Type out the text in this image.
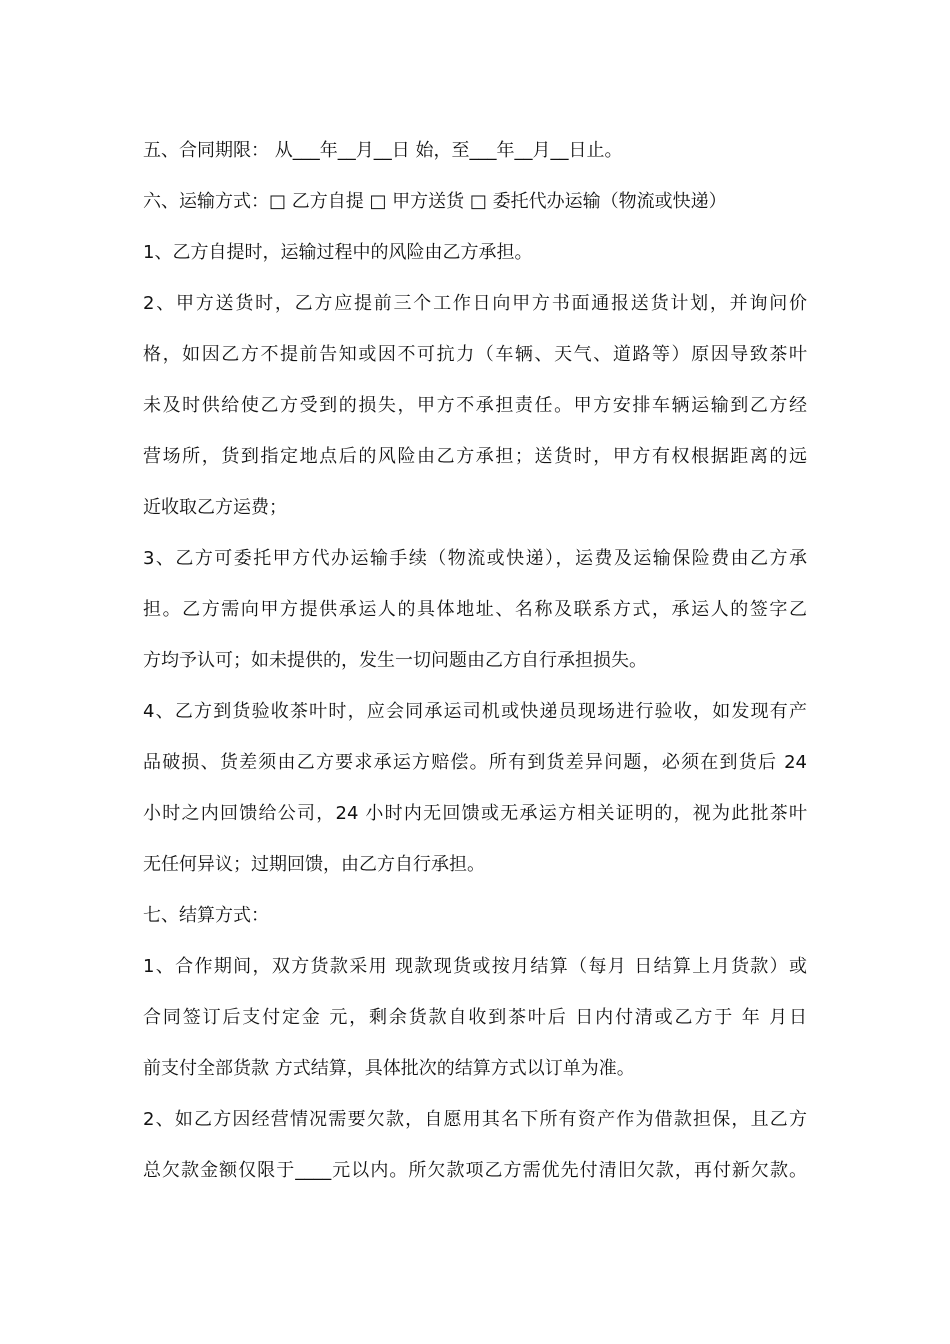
五、合同期限： 从___年__月__日 始，至___年__月__日止。
六、运输方式：□ 乙方自提 □ 甲方送货 □ 委托代办运输（物流或快递）
1、乙方自提时，运输过程中的风险由乙方承担。
2、甲方送货时，乙方应提前三个工作日向甲方书面通报送货计划，并询问价
格，如因乙方不提前告知或因不可抗力（车辆、天气、道路等）原因导致茶叶
未及时供给使乙方受到的损失，甲方不承担责任。甲方安排车辆运输到乙方经
营场所，货到指定地点后的风险由乙方承担；送货时，甲方有权根据距离的远
近收取乙方运费；
3、乙方可委托甲方代办运输手续（物流或快递），运费及运输保险费由乙方承
担。乙方需向甲方提供承运人的具体地址、名称及联系方式，承运人的签字乙
方均予认可；如未提供的，发生一切问题由乙方自行承担损失。
4、乙方到货验收茶叶时，应会同承运司机或快递员现场进行验收，如发现有产
品破损、货差须由乙方要求承运方赔偿。所有到货差异问题，必须在到货后 24
小时之内回馈给公司，24 小时内无回馈或无承运方相关证明的，视为此批茶叶
无任何异议；过期回馈，由乙方自行承担。
七、结算方式：
1、合作期间，双方货款采用 现款现货或按月结算（每月 日结算上月货款）或
合同签订后支付定金 元，剩余货款自收到茶叶后 日内付清或乙方于 年 月日
前支付全部货款 方式结算，具体批次的结算方式以订单为准。
2、如乙方因经营情况需要欠款，自愿用其名下所有资产作为借款担保，且乙方
总欠款金额仅限于____元以内。所欠款项乙方需优先付清旧欠款，再付新欠款。
